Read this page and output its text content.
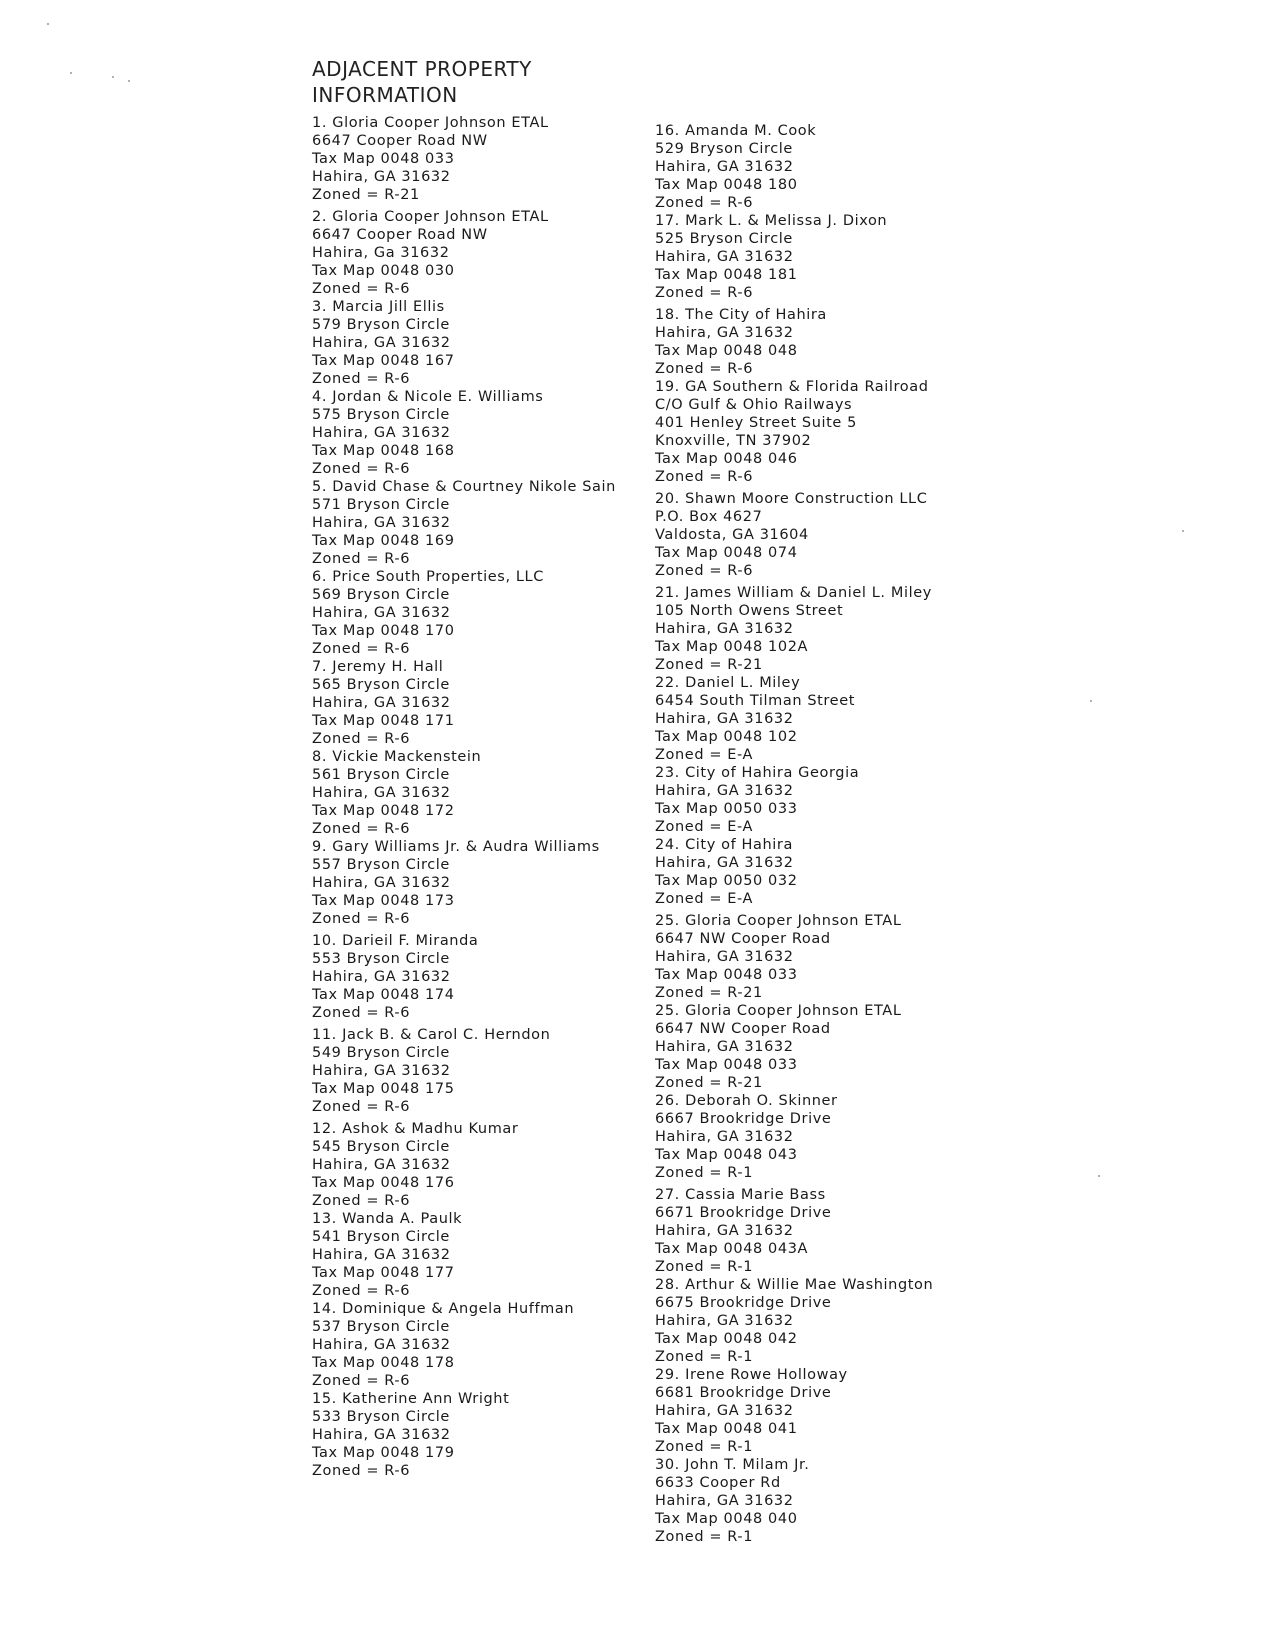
ADJACENT PROPERTY
INFORMATION
1. Gloria Cooper Johnson ETAL
6647 Cooper Road NW
Tax Map 0048 033
Hahira, GA 31632
Zoned = R-21
2. Gloria Cooper Johnson ETAL
6647 Cooper Road NW
Hahira, Ga 31632
Tax Map 0048 030
Zoned = R-6
3. Marcia Jill Ellis
579 Bryson Circle
Hahira, GA 31632
Tax Map 0048 167
Zoned = R-6
4. Jordan & Nicole E. Williams
575 Bryson Circle
Hahira, GA 31632
Tax Map 0048 168
Zoned = R-6
5. David Chase & Courtney Nikole Sain
571 Bryson Circle
Hahira, GA 31632
Tax Map 0048 169
Zoned = R-6
6. Price South Properties, LLC
569 Bryson Circle
Hahira, GA 31632
Tax Map 0048 170
Zoned = R-6
7. Jeremy H. Hall
565 Bryson Circle
Hahira, GA 31632
Tax Map 0048 171
Zoned = R-6
8. Vickie Mackenstein
561 Bryson Circle
Hahira, GA 31632
Tax Map 0048 172
Zoned = R-6
9. Gary Williams Jr. & Audra Williams
557 Bryson Circle
Hahira, GA 31632
Tax Map 0048 173
Zoned = R-6
10. Darieil F. Miranda
553 Bryson Circle
Hahira, GA 31632
Tax Map 0048 174
Zoned = R-6
11. Jack B. & Carol C. Herndon
549 Bryson Circle
Hahira, GA 31632
Tax Map 0048 175
Zoned = R-6
12. Ashok & Madhu Kumar
545 Bryson Circle
Hahira, GA 31632
Tax Map 0048 176
Zoned = R-6
13. Wanda A. Paulk
541 Bryson Circle
Hahira, GA 31632
Tax Map 0048 177
Zoned = R-6
14. Dominique & Angela Huffman
537 Bryson Circle
Hahira, GA 31632
Tax Map 0048 178
Zoned = R-6
15. Katherine Ann Wright
533 Bryson Circle
Hahira, GA 31632
Tax Map 0048 179
Zoned = R-6
16. Amanda M. Cook
529 Bryson Circle
Hahira, GA 31632
Tax Map 0048 180
Zoned = R-6
17. Mark L. & Melissa J. Dixon
525 Bryson Circle
Hahira, GA 31632
Tax Map 0048 181
Zoned = R-6
18. The City of Hahira
Hahira, GA 31632
Tax Map 0048 048
Zoned = R-6
19. GA Southern & Florida Railroad
C/O Gulf & Ohio Railways
401 Henley Street Suite 5
Knoxville, TN 37902
Tax Map 0048 046
Zoned = R-6
20. Shawn Moore Construction LLC
P.O. Box 4627
Valdosta, GA 31604
Tax Map 0048 074
Zoned = R-6
21. James William & Daniel L. Miley
105 North Owens Street
Hahira, GA 31632
Tax Map 0048 102A
Zoned = R-21
22. Daniel L. Miley
6454 South Tilman Street
Hahira, GA 31632
Tax Map 0048 102
Zoned = E-A
23. City of Hahira Georgia
Hahira, GA 31632
Tax Map 0050 033
Zoned = E-A
24. City of Hahira
Hahira, GA 31632
Tax Map 0050 032
Zoned = E-A
25. Gloria Cooper Johnson ETAL
6647 NW Cooper Road
Hahira, GA 31632
Tax Map 0048 033
Zoned = R-21
25. Gloria Cooper Johnson ETAL
6647 NW Cooper Road
Hahira, GA 31632
Tax Map 0048 033
Zoned = R-21
26. Deborah O. Skinner
6667 Brookridge Drive
Hahira, GA 31632
Tax Map 0048 043
Zoned = R-1
27. Cassia Marie Bass
6671 Brookridge Drive
Hahira, GA 31632
Tax Map 0048 043A
Zoned = R-1
28. Arthur & Willie Mae Washington
6675 Brookridge Drive
Hahira, GA 31632
Tax Map 0048 042
Zoned = R-1
29. Irene Rowe Holloway
6681 Brookridge Drive
Hahira, GA 31632
Tax Map 0048 041
Zoned = R-1
30. John T. Milam Jr.
6633 Cooper Rd
Hahira, GA 31632
Tax Map 0048 040
Zoned = R-1
